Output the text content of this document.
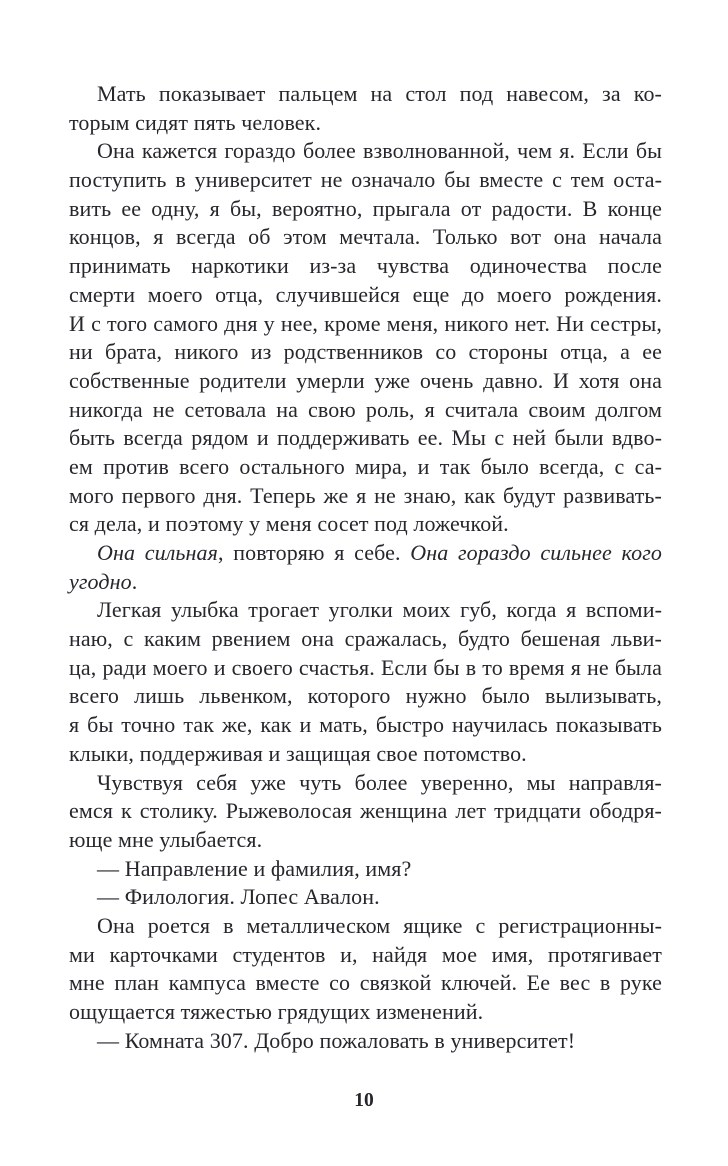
Мать показывает пальцем на стол под навесом, за ко-
торым сидят пять человек.
Она кажется гораздо более взволнованной, чем я. Если бы
поступить в университет не означало бы вместе с тем оста-
вить ее одну, я бы, вероятно, прыгала от радости. В конце
концов, я всегда об этом мечтала. Только вот она начала
принимать наркотики из-за чувства одиночества после
смерти моего отца, случившейся еще до моего рождения.
И с того самого дня у нее, кроме меня, никого нет. Ни сестры,
ни брата, никого из родственников со стороны отца, а ее
собственные родители умерли уже очень давно. И хотя она
никогда не сетовала на свою роль, я считала своим долгом
быть всегда рядом и поддерживать ее. Мы с ней были вдво-
ем против всего остального мира, и так было всегда, с са-
мого первого дня. Теперь же я не знаю, как будут развивать-
ся дела, и поэтому у меня сосет под ложечкой.
Она сильная, повторяю я себе. Она гораздо сильнее кого
угодно.
Легкая улыбка трогает уголки моих губ, когда я вспоми-
наю, с каким рвением она сражалась, будто бешеная льви-
ца, ради моего и своего счастья. Если бы в то время я не была
всего лишь львенком, которого нужно было вылизывать,
я бы точно так же, как и мать, быстро научилась показывать
клыки, поддерживая и защищая свое потомство.
Чувствуя себя уже чуть более уверенно, мы направля-
емся к столику. Рыжеволосая женщина лет тридцати ободря-
юще мне улыбается.
— Направление и фамилия, имя?
— Филология. Лопес Авалон.
Она роется в металлическом ящике с регистрационны-
ми карточками студентов и, найдя мое имя, протягивает
мне план кампуса вместе со связкой ключей. Ее вес в руке
ощущается тяжестью грядущих изменений.
— Комната 307. Добро пожаловать в университет!
10
